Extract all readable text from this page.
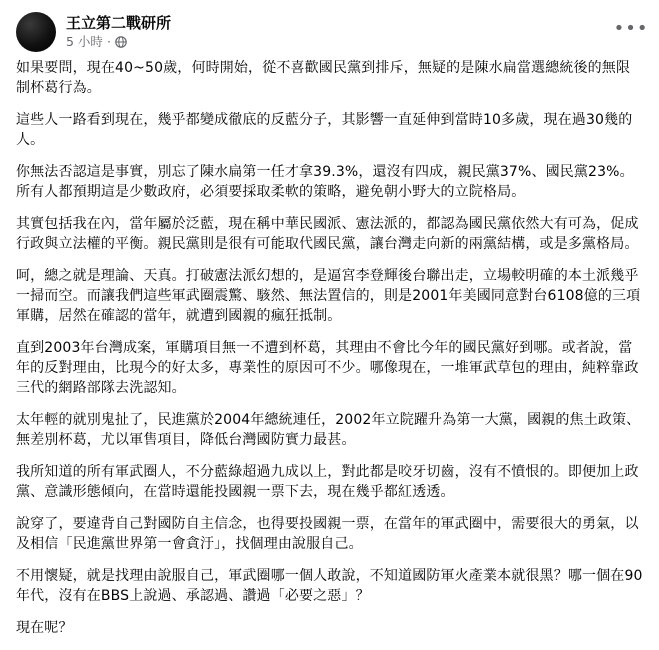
王立第二戰研所
5 小時 ·
•••

如果要問，現在40~50歲，何時開始，從不喜歡國民黨到排斥，無疑的是陳水扁當選總統後的無限制杯葛行為。

這些人一路看到現在，幾乎都變成徹底的反藍分子，其影響一直延伸到當時10多歲，現在過30幾的人。

你無法否認這是事實，別忘了陳水扁第一任才拿39.3%，還沒有四成，親民黨37%、國民黨23%。所有人都預期這是少數政府，必須要採取柔軟的策略，避免朝小野大的立院格局。

其實包括我在內，當年屬於泛藍，現在稱中華民國派、憲法派的，都認為國民黨依然大有可為，促成行政與立法權的平衡。親民黨則是很有可能取代國民黨，讓台灣走向新的兩黨結構，或是多黨格局。

呵，總之就是理論、天真。打破憲法派幻想的，是逼宮李登輝後台聯出走，立場較明確的本土派幾乎一掃而空。而讓我們這些軍武圈震驚、駭然、無法置信的，則是2001年美國同意對台6108億的三項軍購，居然在確認的當年，就遭到國親的瘋狂抵制。

直到2003年台灣成案，軍購項目無一不遭到杯葛，其理由不會比今年的國民黨好到哪。或者說，當年的反對理由，比現今的好太多，專業性的原因可不少。哪像現在，一堆軍武草包的理由，純粹靠政三代的網路部隊去洗認知。

太年輕的就別鬼扯了，民進黨於2004年總統連任，2002年立院躍升為第一大黨，國親的焦土政策、無差別杯葛，尤以軍售項目，降低台灣國防實力最甚。

我所知道的所有軍武圈人，不分藍綠超過九成以上，對此都是咬牙切齒，沒有不憤恨的。即便加上政黨、意識形態傾向，在當時還能投國親一票下去，現在幾乎都紅透透。

說穿了，要違背自己對國防自主信念，也得要投國親一票，在當年的軍武圈中，需要很大的勇氣，以及相信「民進黨世界第一會貪汙」，找個理由說服自己。

不用懷疑，就是找理由說服自己，軍武圈哪一個人敢說，不知道國防軍火產業本就很黑？哪一個在90年代，沒有在BBS上說過、承認過、讚過「必要之惡」？

現在呢？
